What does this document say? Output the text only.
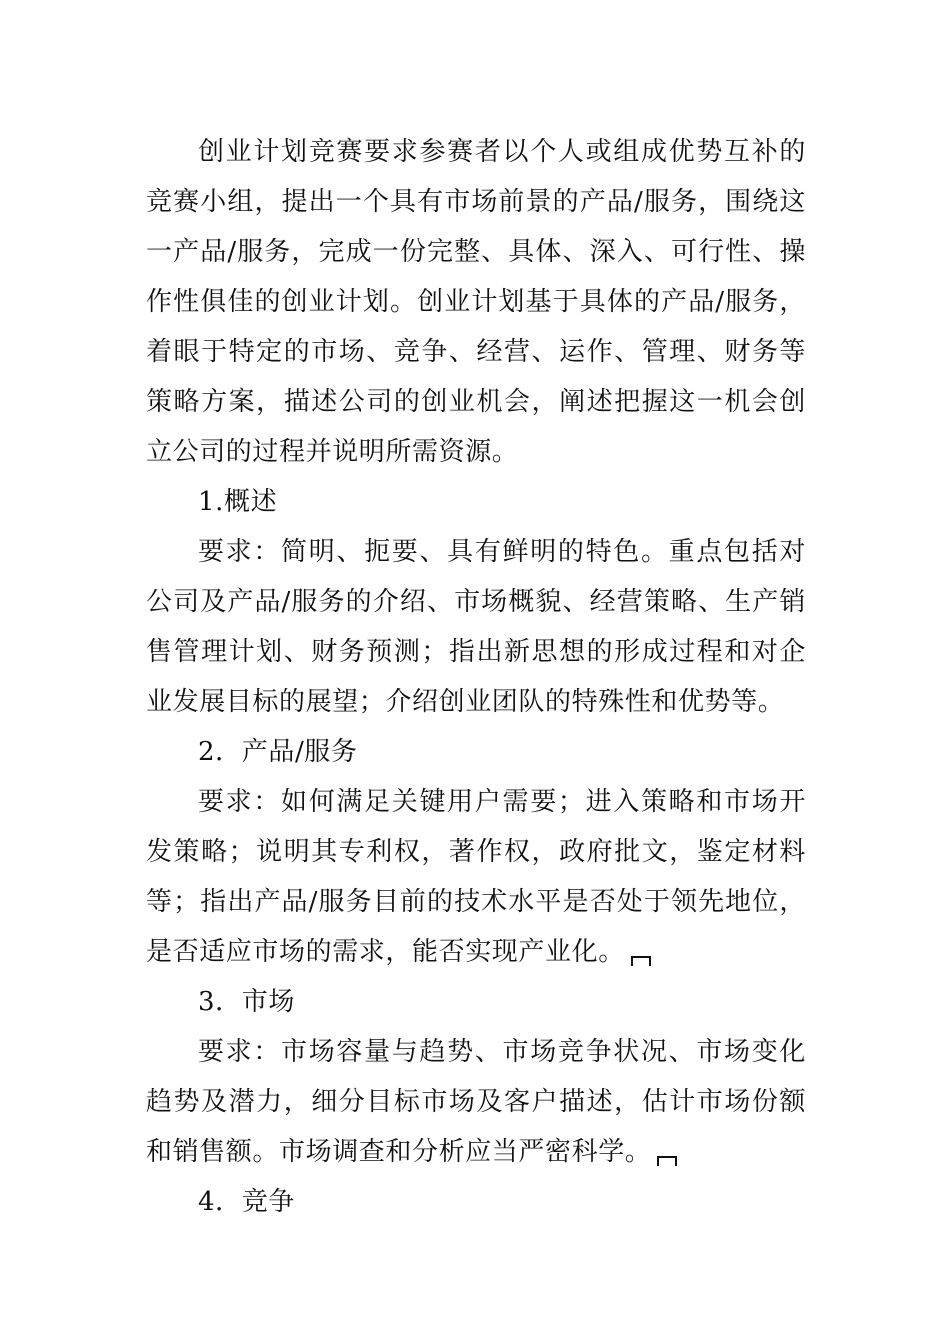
创业计划竞赛要求参赛者以个人或组成优势互补的竞赛小组，提出一个具有市场前景的产品/服务，围绕这一产品/服务，完成一份完整、具体、深入、可行性、操作性俱佳的创业计划。创业计划基于具体的产品/服务，着眼于特定的市场、竞争、经营、运作、管理、财务等策略方案，描述公司的创业机会，阐述把握这一机会创立公司的过程并说明所需资源。

1.概述

要求：简明、扼要、具有鲜明的特色。重点包括对公司及产品/服务的介绍、市场概貌、经营策略、生产销售管理计划、财务预测；指出新思想的形成过程和对企业发展目标的展望；介绍创业团队的特殊性和优势等。

2．产品/服务

要求：如何满足关键用户需要；进入策略和市场开发策略；说明其专利权，著作权，政府批文，鉴定材料等；指出产品/服务目前的技术水平是否处于领先地位，是否适应市场的需求，能否实现产业化。

3．市场

要求：市场容量与趋势、市场竞争状况、市场变化趋势及潜力，细分目标市场及客户描述，估计市场份额和销售额。市场调查和分析应当严密科学。

4．竞争
